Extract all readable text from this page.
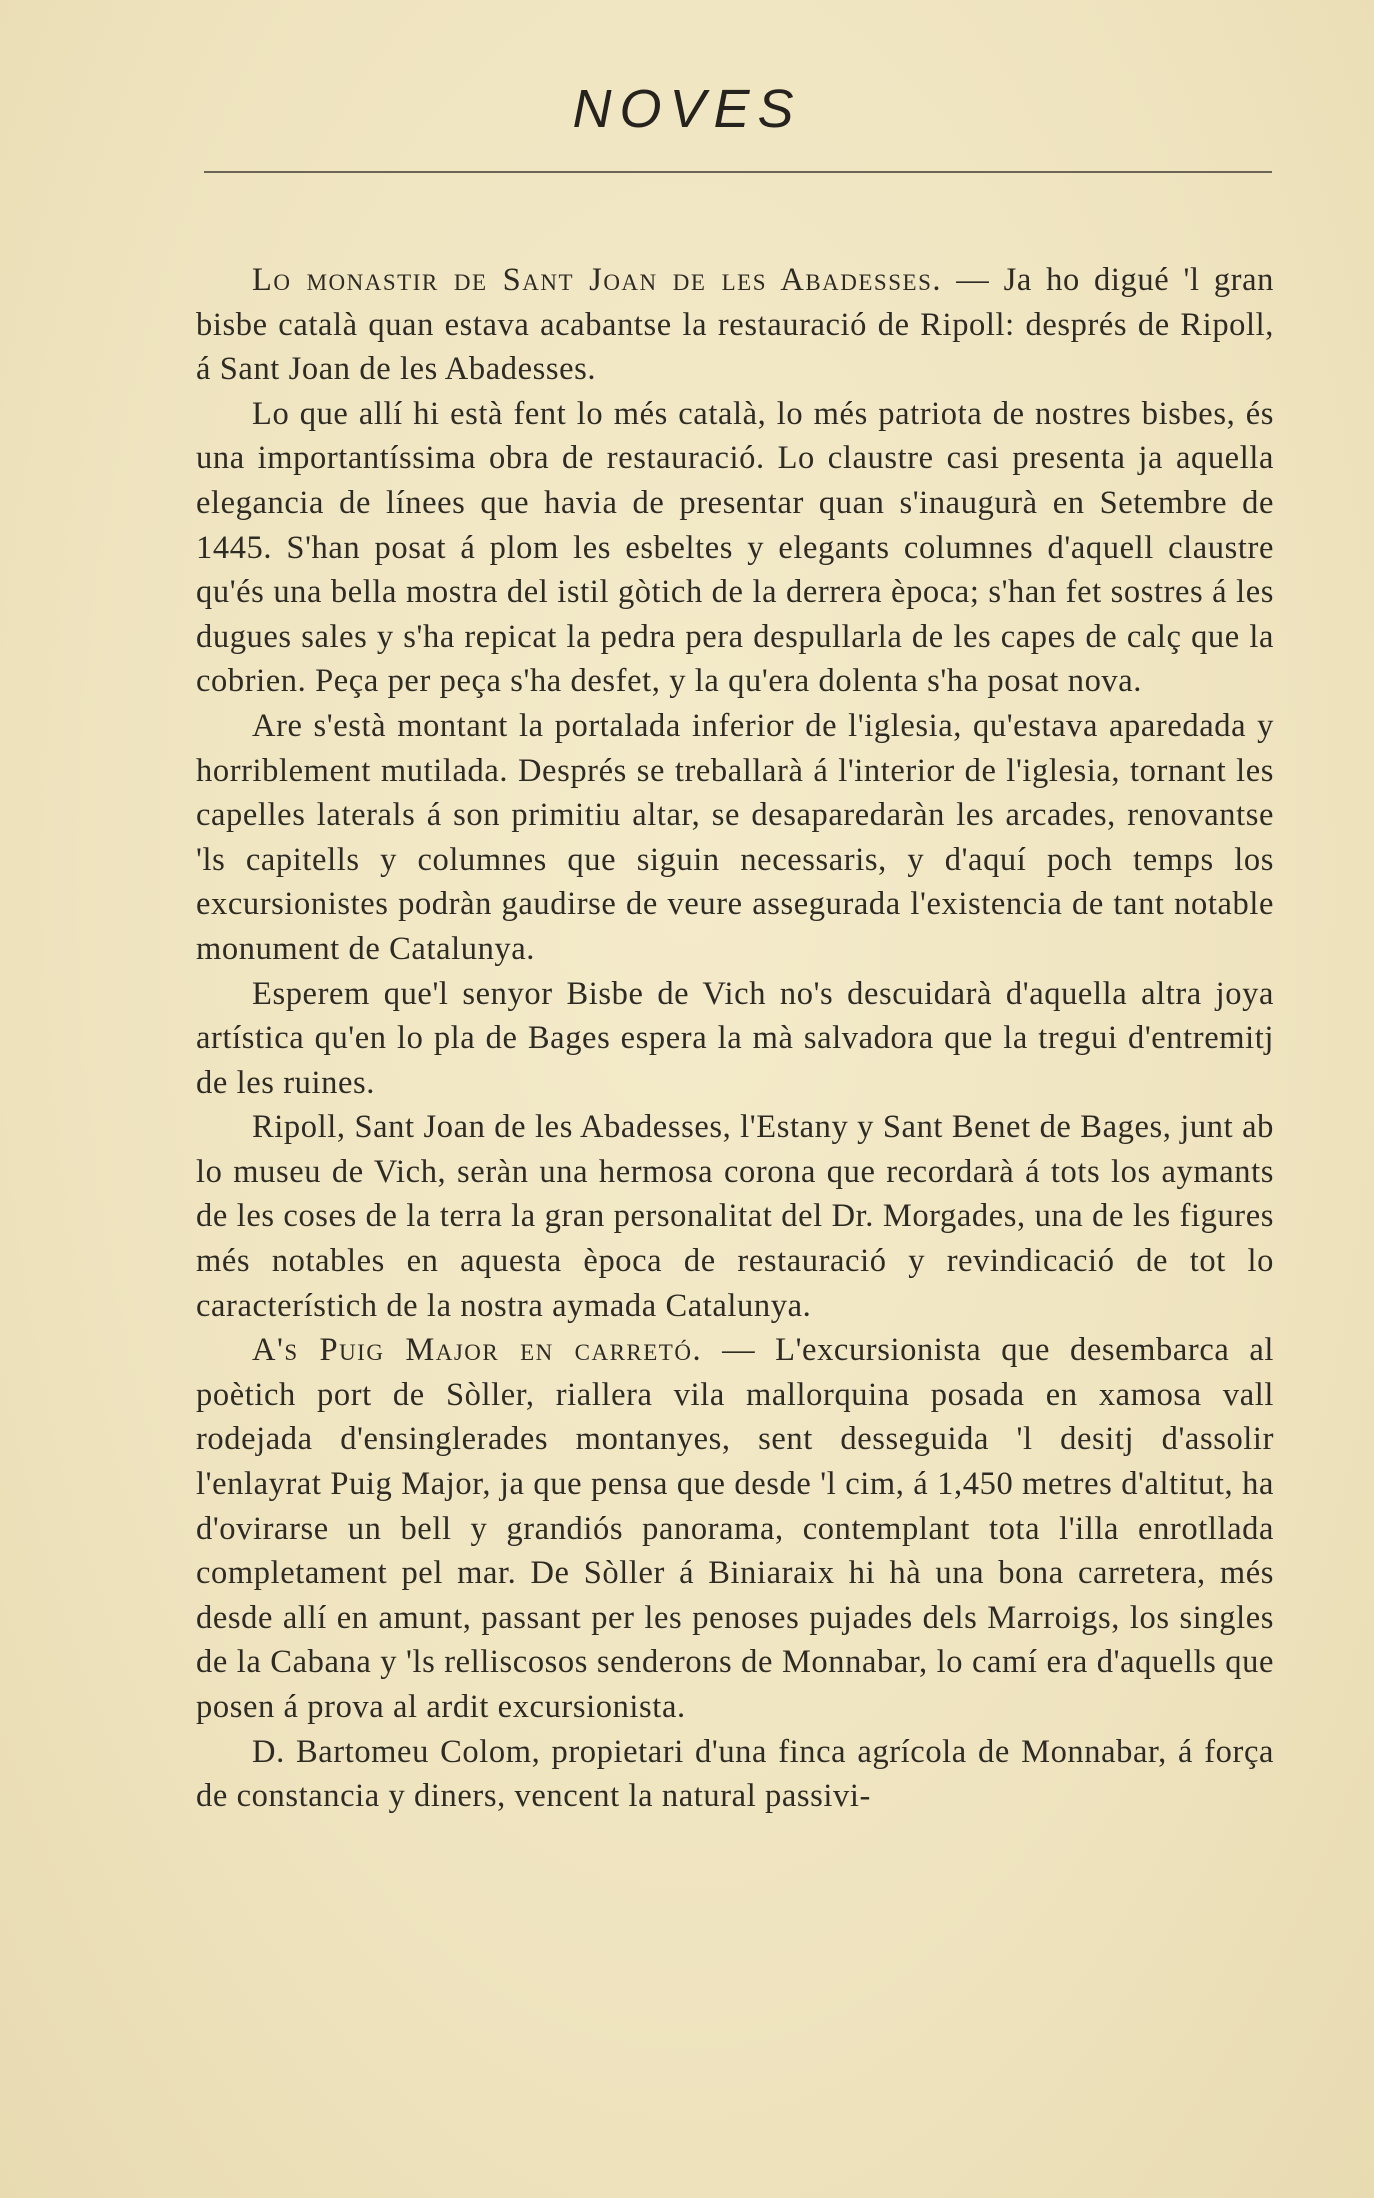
NOVES

Lo monastir de Sant Joan de les Abadesses. — Ja ho digué 'l gran bisbe català quan estava acabantse la restauració de Ripoll: després de Ripoll, á Sant Joan de les Abadesses.

Lo que allí hi està fent lo més català, lo més patriota de nostres bisbes, és una importantíssima obra de restauració. Lo claustre casi presenta ja aquella elegancia de línees que havia de presentar quan s'inaugurà en Setembre de 1445. S'han posat á plom les esbeltes y elegants columnes d'aquell claustre qu'és una bella mostra del istil gòtich de la derrera època; s'han fet sostres á les dugues sales y s'ha repicat la pedra pera despullarla de les capes de calç que la cobrien. Peça per peça s'ha desfet, y la qu'era dolenta s'ha posat nova.

Are s'està montant la portalada inferior de l'iglesia, qu'estava aparedada y horriblement mutilada. Després se treballarà á l'interior de l'iglesia, tornant les capelles laterals á son primitiu altar, se desaparedaràn les arcades, renovantse 'ls capitells y columnes que siguin necessaris, y d'aquí poch temps los excursionistes podràn gaudirse de veure assegurada l'existencia de tant notable monument de Catalunya.

Esperem que'l senyor Bisbe de Vich no's descuidarà d'aquella altra joya artística qu'en lo pla de Bages espera la mà salvadora que la tregui d'entremitj de les ruines.

Ripoll, Sant Joan de les Abadesses, l'Estany y Sant Benet de Bages, junt ab lo museu de Vich, seràn una hermosa corona que recordarà á tots los aymants de les coses de la terra la gran personalitat del Dr. Morgades, una de les figures més notables en aquesta època de restauració y revindicació de tot lo característich de la nostra aymada Catalunya.

A's Puig Major en carretó. — L'excursionista que desembarca al poètich port de Sòller, riallera vila mallorquina posada en xamosa vall rodejada d'ensinglerades montanyes, sent desseguida 'l desitj d'assolir l'enlayrat Puig Major, ja que pensa que desde 'l cim, á 1,450 metres d'altitut, ha d'ovirarse un bell y grandiós panorama, contemplant tota l'illa enrotllada completament pel mar. De Sòller á Biniaraix hi hà una bona carretera, més desde allí en amunt, passant per les penoses pujades dels Marroigs, los singles de la Cabana y 'ls relliscosos senderons de Monnabar, lo camí era d'aquells que posen á prova al ardit excursionista.

D. Bartomeu Colom, propietari d'una finca agrícola de Monnabar, á força de constancia y diners, vencent la natural passivi-
